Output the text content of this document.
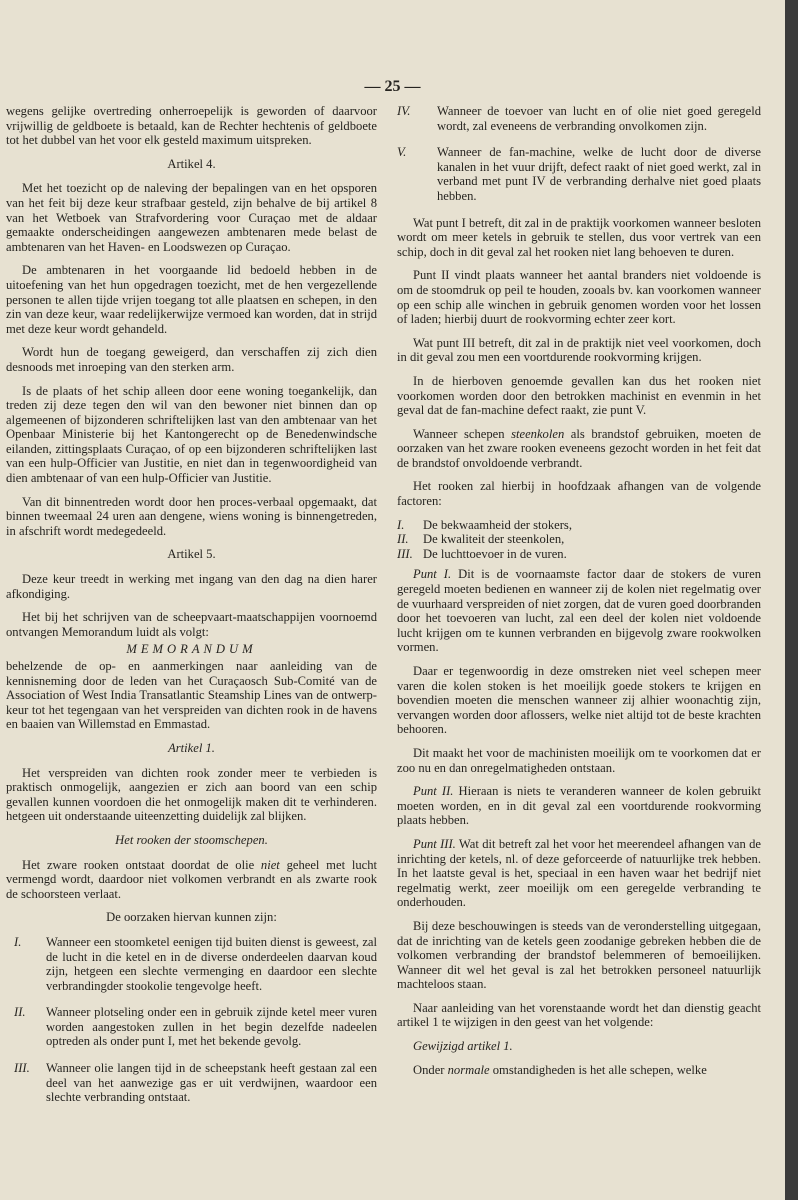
— 25 —

wegens gelijke overtreding onherroepelijk is geworden of daarvoor vrijwillig de geldboete is betaald, kan de Rechter hechtenis of geldboete tot het dubbel van het voor elk gesteld maximum uitspreken.

Artikel 4.

Met het toezicht op de naleving der bepalingen van en het opsporen van het feit bij deze keur strafbaar gesteld, zijn behalve de bij artikel 8 van het Wetboek van Strafvordering voor Curaçao met de aldaar gemaakte onderscheidingen aangewezen ambtenaren mede belast de ambtenaren van het Haven- en Loodswezen op Curaçao.

De ambtenaren in het voorgaande lid bedoeld hebben in de uitoefening van het hun opgedragen toezicht, met de hen vergezellende personen te allen tijde vrijen toegang tot alle plaatsen en schepen, in den zin van deze keur, waar redelijkerwijze vermoed kan worden, dat in strijd met deze keur wordt gehandeld.

Wordt hun de toegang geweigerd, dan verschaffen zij zich dien desnoods met inroeping van den sterken arm.

Is de plaats of het schip alleen door eene woning toegankelijk, dan treden zij deze tegen den wil van den bewoner niet binnen dan op algemeenen of bijzonderen schriftelijken last van den ambtenaar van het Openbaar Ministerie bij het Kantongerecht op de Benedenwindsche eilanden, zittingsplaats Curaçao, of op een bijzonderen schriftelijken last van een hulp-Officier van Justitie, en niet dan in tegenwoordigheid van dien ambtenaar of van een hulp-Officier van Justitie.

Van dit binnentreden wordt door hen proces-verbaal opgemaakt, dat binnen tweemaal 24 uren aan dengene, wiens woning is binnengetreden, in afschrift wordt medegedeeld.

Artikel 5.

Deze keur treedt in werking met ingang van den dag na dien harer afkondiging.

Het bij het schrijven van de scheepvaart-maatschappijen voornoemd ontvangen Memorandum luidt als volgt:

MEMORANDUM

behelzende de op- en aanmerkingen naar aanleiding van de kennisneming door de leden van het Curaçaosch Sub-Comité van de Association of West India Transatlantic Steamship Lines van de ontwerp-keur tot het tegengaan van het verspreiden van dichten rook in de havens en baaien van Willemstad en Emmastad.

Artikel 1.

Het verspreiden van dichten rook zonder meer te verbieden is praktisch onmogelijk, aangezien er zich aan boord van een schip gevallen kunnen voordoen die het onmogelijk maken dit te verhinderen. hetgeen uit onderstaande uiteenzetting duidelijk zal blijken.

Het rooken der stoomschepen.

Het zware rooken ontstaat doordat de olie niet geheel met lucht vermengd wordt, daardoor niet volkomen verbrandt en als zwarte rook de schoorsteen verlaat.

De oorzaken hiervan kunnen zijn:
I. Wanneer een stoomketel eenigen tijd buiten dienst is geweest, zal de lucht in die ketel en in de diverse onderdeelen daarvan koud zijn, hetgeen een slechte vermenging en daardoor een slechte verbrandingder stookolie tengevolge heeft.
II. Wanneer plotseling onder een in gebruik zijnde ketel meer vuren worden aangestoken zullen in het begin dezelfde nadeelen optreden als onder punt I, met het bekende gevolg.
III. Wanneer olie langen tijd in de scheepstank heeft gestaan zal een deel van het aanwezige gas er uit verdwijnen, waardoor een slechte verbranding ontstaat.
IV. Wanneer de toevoer van lucht en of olie niet goed geregeld wordt, zal eveneens de verbranding onvolkomen zijn.
V. Wanneer de fan-machine, welke de lucht door de diverse kanalen in het vuur drijft, defect raakt of niet goed werkt, zal in verband met punt IV de verbranding derhalve niet goed plaats hebben.

Wat punt I betreft, dit zal in de praktijk voorkomen wanneer besloten wordt om meer ketels in gebruik te stellen, dus voor vertrek van een schip, doch in dit geval zal het rooken niet lang behoeven te duren.

Punt II vindt plaats wanneer het aantal branders niet voldoende is om de stoomdruk op peil te houden, zooals bv. kan voorkomen wanneer op een schip alle winchen in gebruik genomen worden voor het lossen of laden; hierbij duurt de rookvorming echter zeer kort.

Wat punt III betreft, dit zal in de praktijk niet veel voorkomen, doch in dit geval zou men een voortdurende rookvorming krijgen.

In de hierboven genoemde gevallen kan dus het rooken niet voorkomen worden door den betrokken machinist en evenmin in het geval dat de fan-machine defect raakt, zie punt V.

Wanneer schepen steenkolen als brandstof gebruiken, moeten de oorzaken van het zware rooken eveneens gezocht worden in het feit dat de brandstof onvoldoende verbrandt.

Het rooken zal hierbij in hoofdzaak afhangen van de volgende factoren:

I. De bekwaamheid der stokers,
II. De kwaliteit der steenkolen,
III. De luchttoevoer in de vuren.

Punt I. Dit is de voornaamste factor daar de stokers de vuren geregeld moeten bedienen en wanneer zij de kolen niet regelmatig over de vuurhaard verspreiden of niet zorgen, dat de vuren goed doorbranden door het toevoeren van lucht, zal een deel der kolen niet voldoende lucht krijgen om te kunnen verbranden en bijgevolg zware rookwolken vormen.

Daar er tegenwoordig in deze omstreken niet veel schepen meer varen die kolen stoken is het moeilijk goede stokers te krijgen en bovendien moeten die menschen wanneer zij alhier woonachtig zijn, vervangen worden door aflossers, welke niet altijd tot de beste krachten behooren.

Dit maakt het voor de machinisten moeilijk om te voorkomen dat er zoo nu en dan onregelmatigheden ontstaan.

Punt II. Hieraan is niets te veranderen wanneer de kolen gebruikt moeten worden, en in dit geval zal een voortdurende rookvorming plaats hebben.

Punt III. Wat dit betreft zal het voor het meerendeel afhangen van de inrichting der ketels, nl. of deze geforceerde of natuurlijke trek hebben. In het laatste geval is het, speciaal in een haven waar het bedrijf niet regelmatig werkt, zeer moeilijk om een geregelde verbranding te onderhouden.

Bij deze beschouwingen is steeds van de veronderstelling uitgegaan, dat de inrichting van de ketels geen zoodanige gebreken hebben die de volkomen verbranding der brandstof belemmeren of bemoeilijken. Wanneer dit wel het geval is zal het betrokken personeel natuurlijk machteloos staan.

Naar aanleiding van het vorenstaande wordt het dan dienstig geacht artikel 1 te wijzigen in den geest van het volgende:

Gewijzigd artikel 1.

Onder normale omstandigheden is het alle schepen, welke
